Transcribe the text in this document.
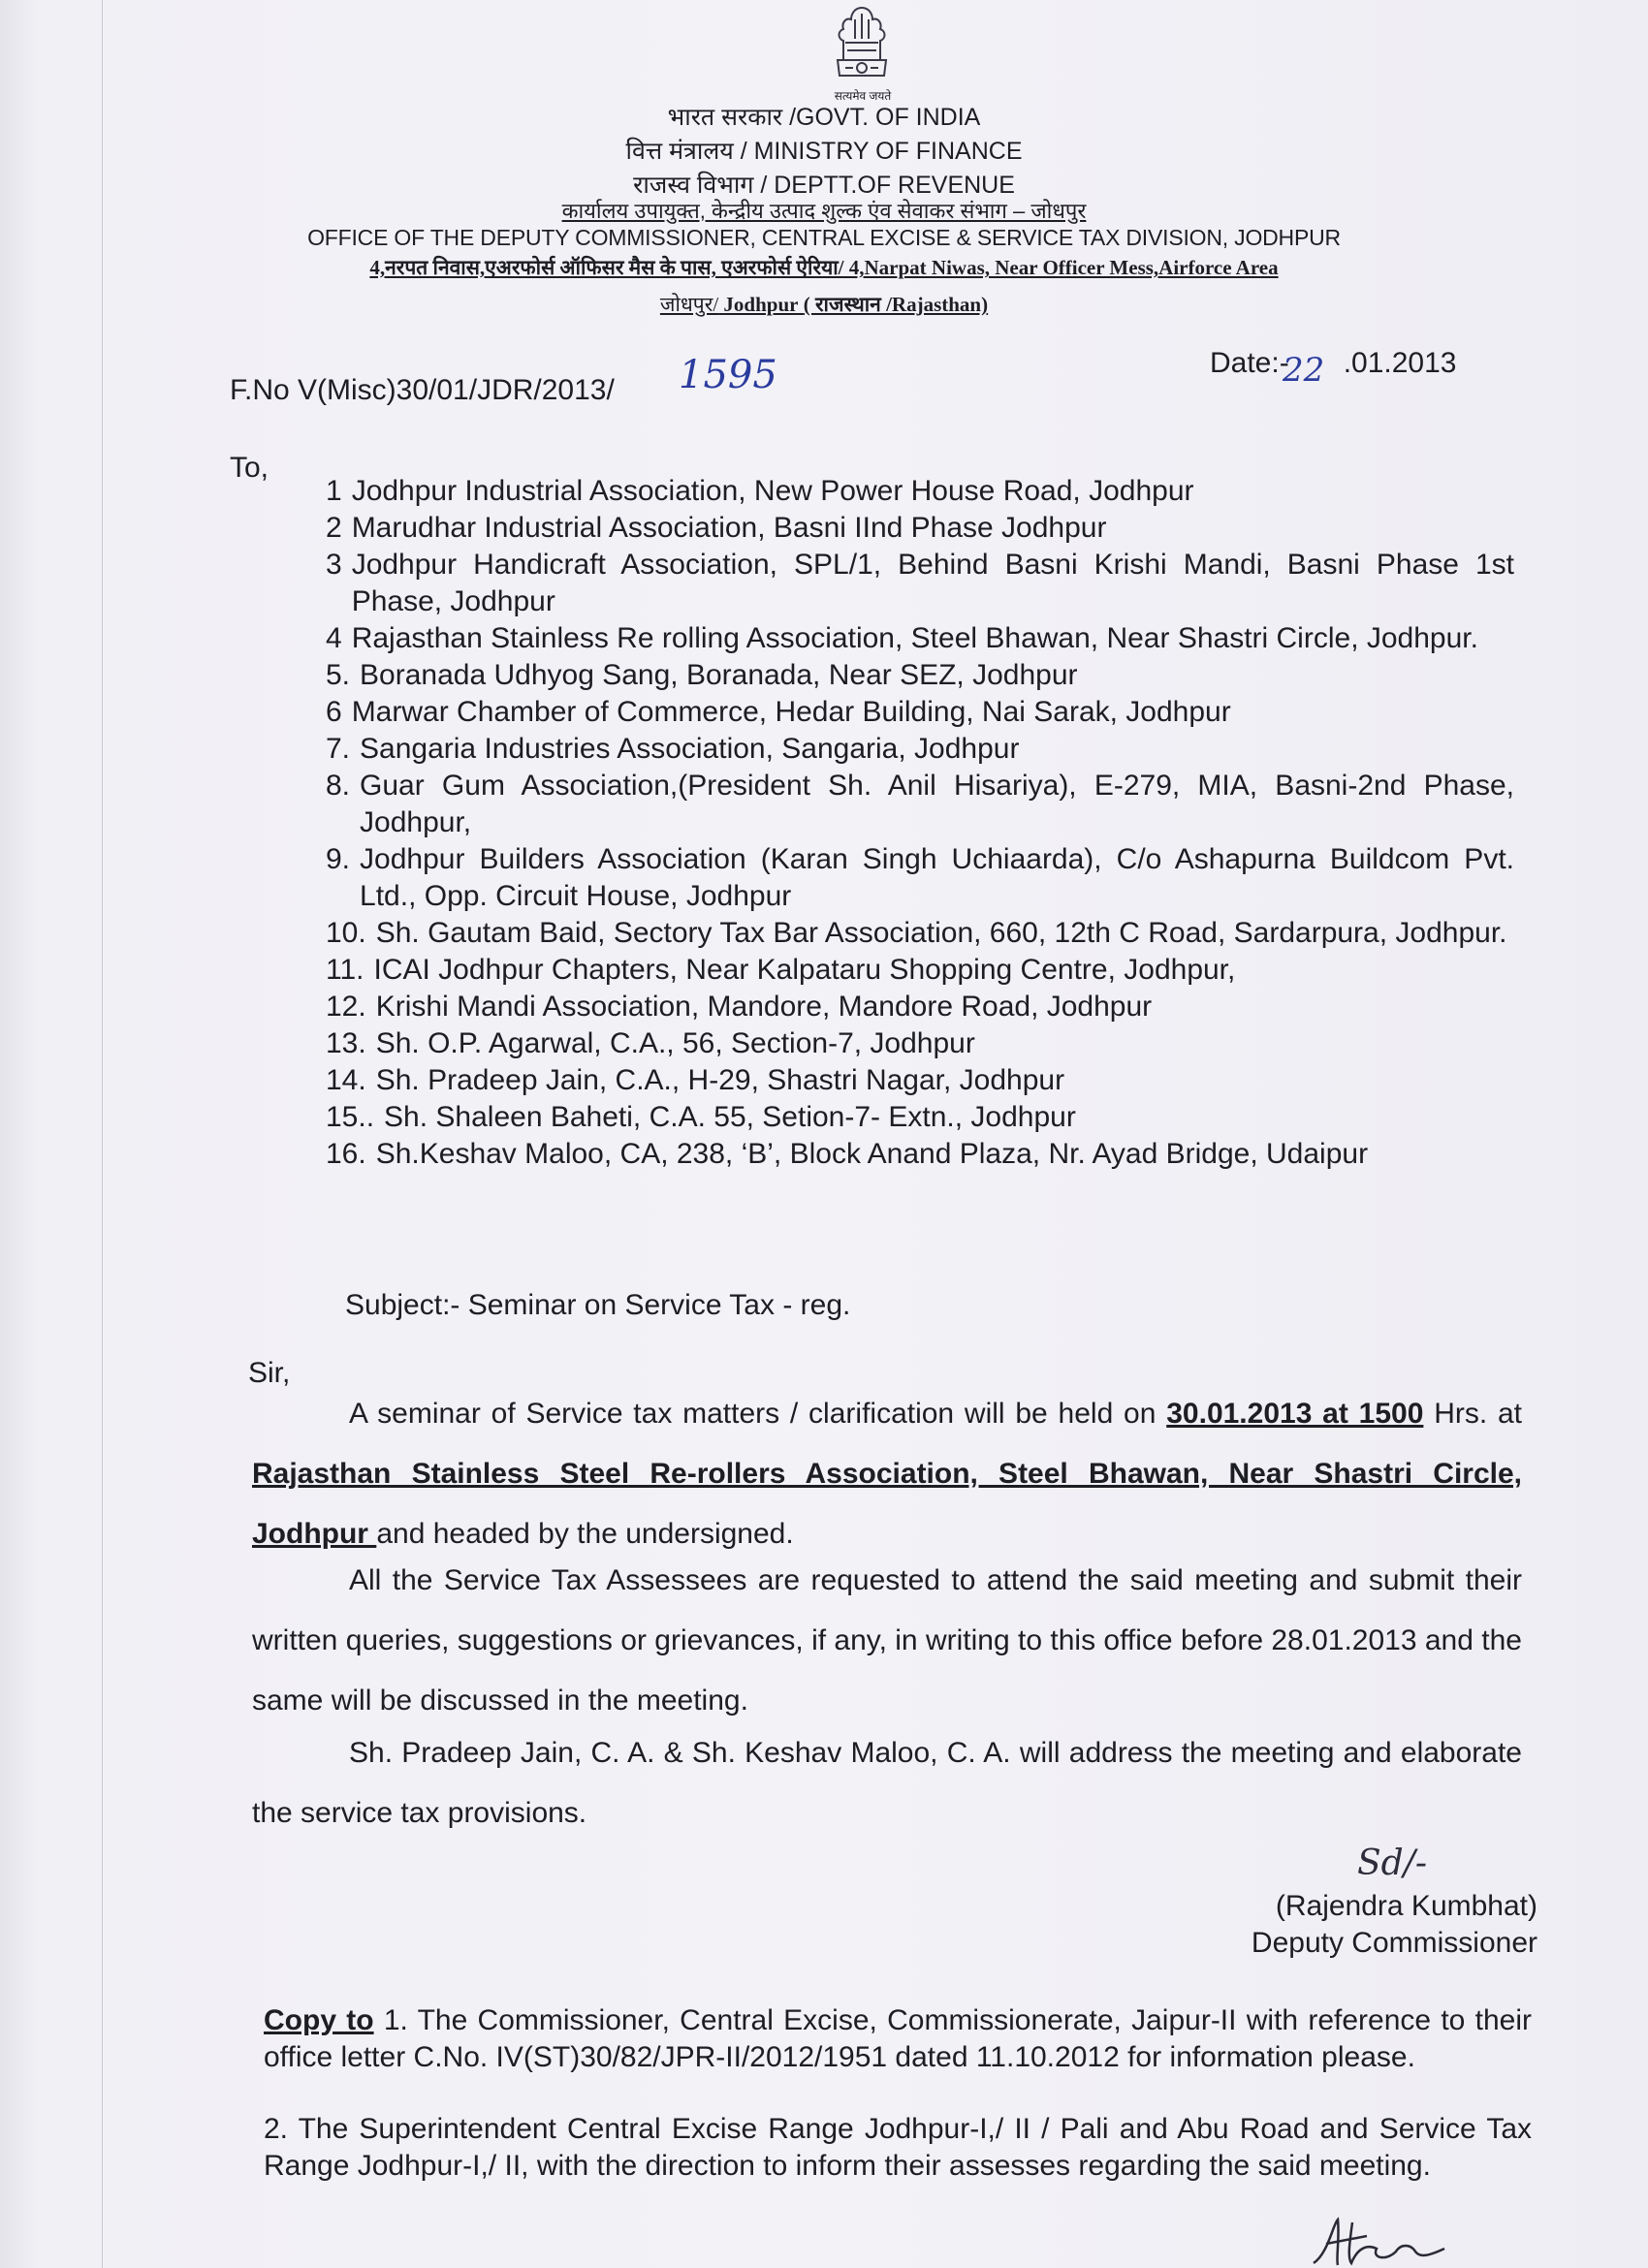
सत्यमेव जयते
भारत सरकार /GOVT. OF INDIA
वित्त मंत्रालय / MINISTRY OF FINANCE
राजस्व विभाग / DEPTT.OF REVENUE
कार्यालय उपायुक्त, केन्द्रीय उत्पाद शुल्क एंव सेवाकर संभाग – जोधपुर
OFFICE OF THE DEPUTY COMMISSIONER, CENTRAL EXCISE & SERVICE TAX DIVISION, JODHPUR
4,नरपत निवास,एअरफोर्स ऑफिसर मैस के पास, एअरफोर्स ऐरिया/ 4,Narpat Niwas, Near Officer Mess,Airforce Area
जोधपुर/ Jodhpur ( राजस्थान /Rajasthan)
F.No V(Misc)30/01/JDR/2013/ 1595	Date:- .01.2013
22
To,
1 Jodhpur Industrial Association, New Power House Road, Jodhpur
2 Marudhar Industrial Association, Basni IInd Phase Jodhpur
3 Jodhpur Handicraft Association, SPL/1, Behind Basni Krishi Mandi, Basni Phase 1st Phase, Jodhpur
4 Rajasthan Stainless Re rolling Association, Steel Bhawan, Near Shastri Circle, Jodhpur.
5. Boranada Udhyog Sang, Boranada, Near SEZ, Jodhpur
6 Marwar Chamber of Commerce, Hedar Building, Nai Sarak, Jodhpur
7. Sangaria Industries Association, Sangaria, Jodhpur
8. Guar Gum Association,(President Sh. Anil Hisariya), E-279, MIA, Basni-2nd Phase, Jodhpur,
9. Jodhpur Builders Association (Karan Singh Uchiaarda), C/o Ashapurna Buildcom Pvt. Ltd., Opp. Circuit House, Jodhpur
10. Sh. Gautam Baid, Sectory Tax Bar Association, 660, 12th C Road, Sardarpura, Jodhpur.
11. ICAI Jodhpur Chapters, Near Kalpataru Shopping Centre, Jodhpur,
12. Krishi Mandi Association, Mandore, Mandore Road, Jodhpur
13. Sh. O.P. Agarwal, C.A., 56, Section-7, Jodhpur
14. Sh. Pradeep Jain, C.A., H-29, Shastri Nagar, Jodhpur
15.. Sh. Shaleen Baheti, C.A. 55, Setion-7- Extn., Jodhpur
16. Sh.Keshav Maloo, CA, 238, ‘B’, Block Anand Plaza, Nr. Ayad Bridge, Udaipur
Subject:- Seminar on Service Tax - reg.
Sir,

A seminar of Service tax matters / clarification will be held on 30.01.2013 at 1500 Hrs. at Rajasthan Stainless Steel Re-rollers Association, Steel Bhawan, Near Shastri Circle, Jodhpur and headed by the undersigned.

All the Service Tax Assessees are requested to attend the said meeting and submit their written queries, suggestions or grievances, if any, in writing to this office before 28.01.2013 and the same will be discussed in the meeting.

Sh. Pradeep Jain, C. A. & Sh. Keshav Maloo, C. A. will address the meeting and elaborate the service tax provisions.

Sd/-
(Rajendra Kumbhat)
Deputy Commissioner

Copy to 1. The Commissioner, Central Excise, Commissionerate, Jaipur-II with reference to their office letter C.No. IV(ST)30/82/JPR-II/2012/1951 dated 11.10.2012 for information please.

2. The Superintendent Central Excise Range Jodhpur-I,/ II / Pali and Abu Road and Service Tax Range Jodhpur-I,/ II, with the direction to inform their assesses regarding the said meeting.
